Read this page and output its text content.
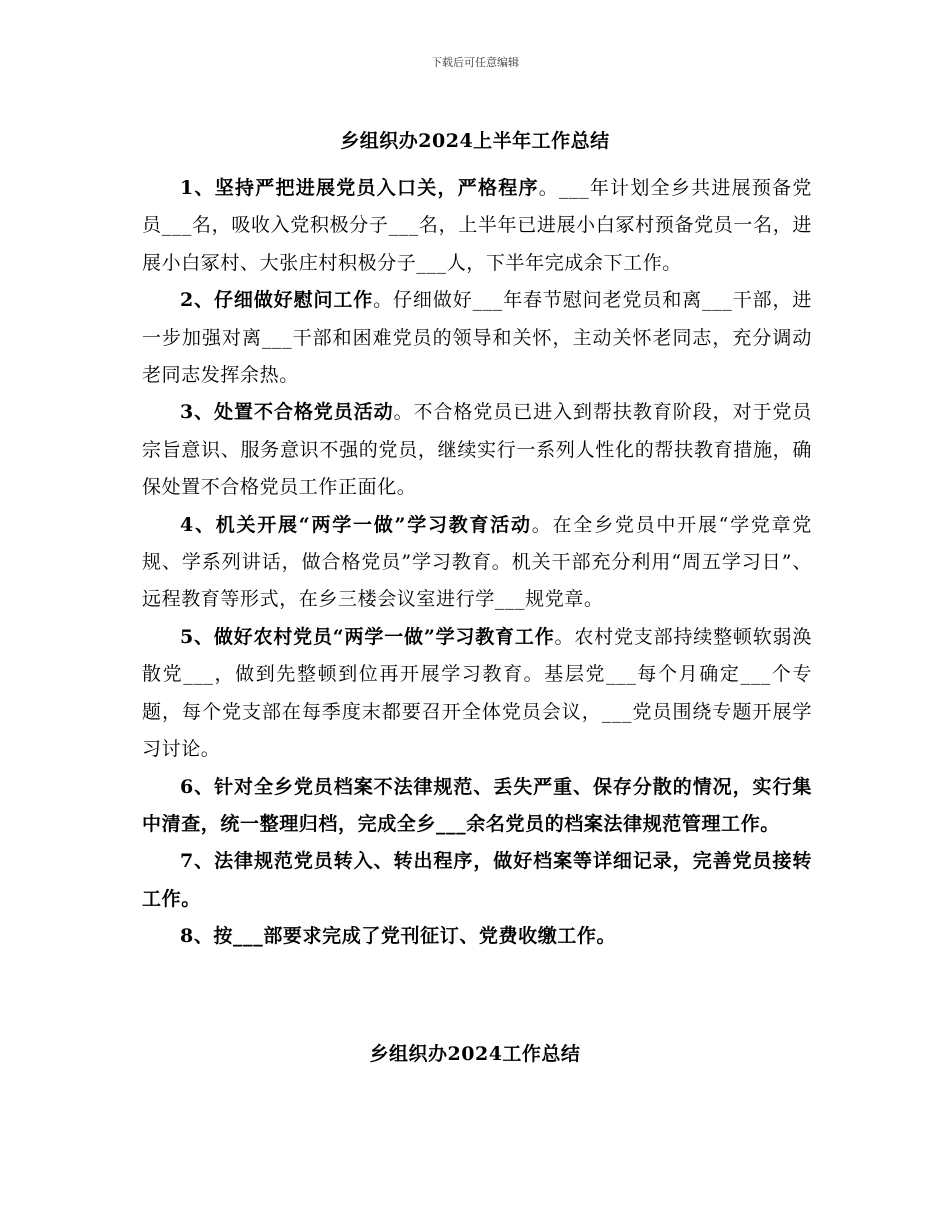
下载后可任意编辑
乡组织办2024上半年工作总结

1、坚持严把进展党员入口关，严格程序。___年计划全乡共进展预备党员___名，吸收入党积极分子___名，上半年已进展小白冢村预备党员一名，进展小白冢村、大张庄村积极分子___人，下半年完成余下工作。

2、仔细做好慰问工作。仔细做好___年春节慰问老党员和离___干部，进一步加强对离___干部和困难党员的领导和关怀，主动关怀老同志，充分调动老同志发挥余热。

3、处置不合格党员活动。不合格党员已进入到帮扶教育阶段，对于党员宗旨意识、服务意识不强的党员，继续实行一系列人性化的帮扶教育措施，确保处置不合格党员工作正面化。

4、机关开展“两学一做”学习教育活动。在全乡党员中开展“学党章党规、学系列讲话，做合格党员”学习教育。机关干部充分利用“周五学习日”、远程教育等形式，在乡三楼会议室进行学___规党章。

5、做好农村党员“两学一做”学习教育工作。农村党支部持续整顿软弱涣散党___，做到先整顿到位再开展学习教育。基层党___每个月确定___个专题，每个党支部在每季度末都要召开全体党员会议，___党员围绕专题开展学习讨论。

6、针对全乡党员档案不法律规范、丢失严重、保存分散的情况，实行集中清查，统一整理归档，完成全乡___余名党员的档案法律规范管理工作。

7、法律规范党员转入、转出程序，做好档案等详细记录，完善党员接转工作。

8、按___部要求完成了党刊征订、党费收缴工作。

乡组织办2024工作总结
